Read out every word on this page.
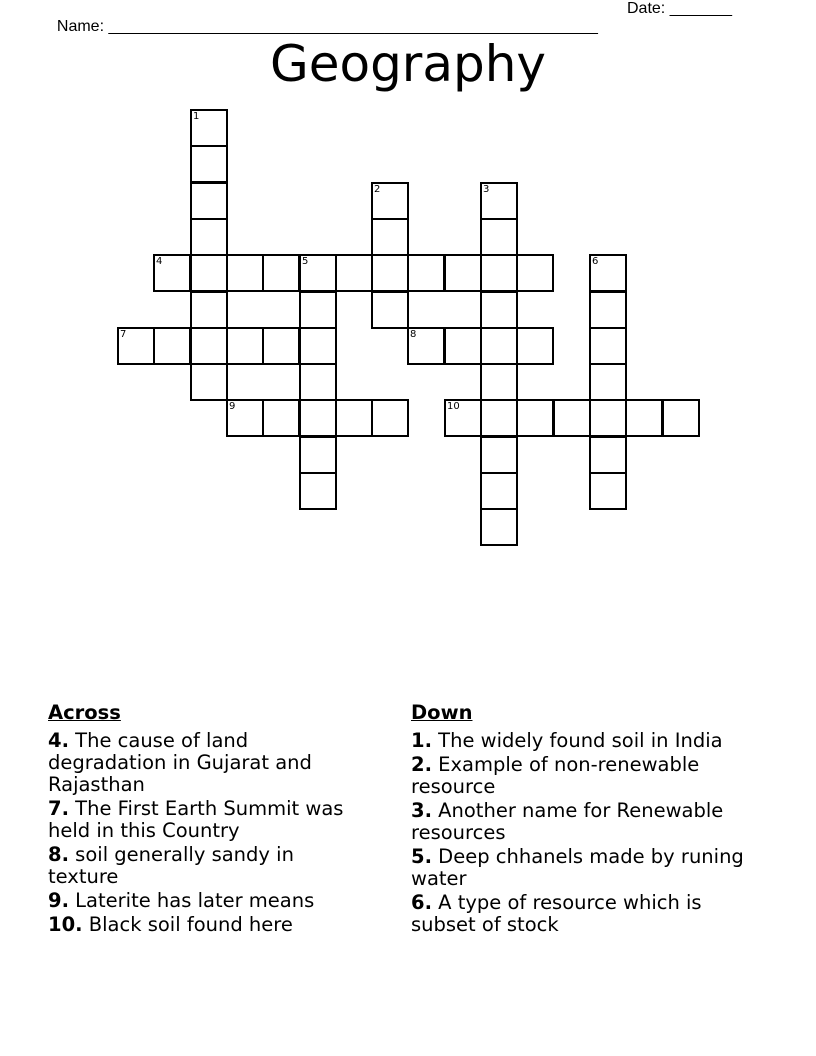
Name: _______________________________________________________

Date: _______

Geography
1
2	3
4	5	6
7	8
9	10
Across
4. The cause of land degradation in Gujarat and Rajasthan
7. The First Earth Summit was held in this Country
8. soil generally sandy in texture
9. Laterite has later means
10. Black soil found here
Down
1. The widely found soil in India
2. Example of non-renewable resource
3. Another name for Renewable resources
5. Deep chhanels made by runing water
6. A type of resource which is subset of stock
